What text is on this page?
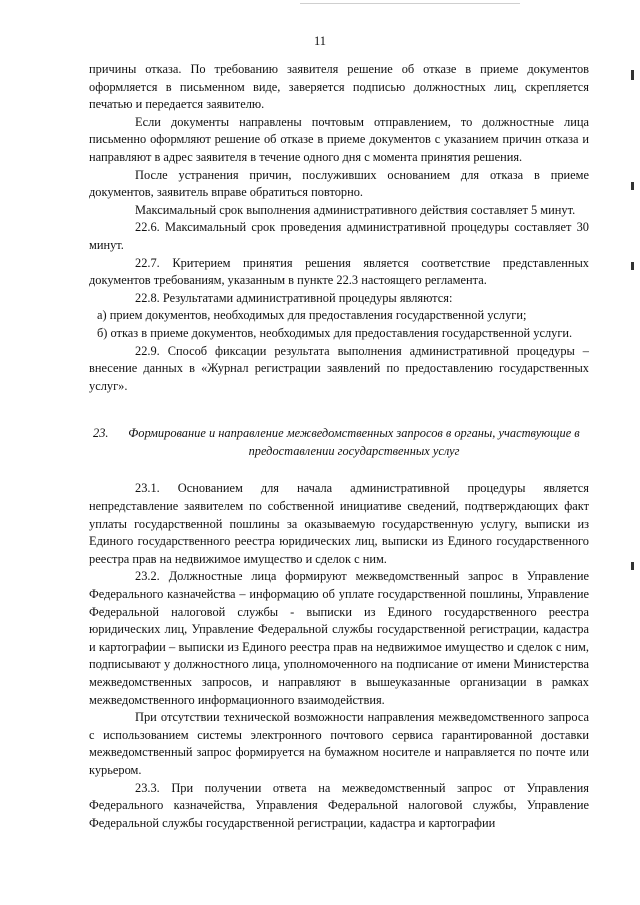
11

причины отказа. По требованию заявителя решение об отказе в приеме документов оформляется в письменном виде, заверяется подписью должностных лиц, скрепляется печатью и передается заявителю.

Если документы направлены почтовым отправлением, то должностные лица письменно оформляют решение об отказе в приеме документов с указанием причин отказа и направляют в адрес заявителя в течение одного дня с момента принятия решения.

После устранения причин, послуживших основанием для отказа в приеме документов, заявитель вправе обратиться повторно.

Максимальный срок выполнения административного действия составляет 5 минут.

22.6. Максимальный срок проведения административной процедуры составляет 30 минут.

22.7. Критерием принятия решения является соответствие представленных документов требованиям, указанным в пункте 22.3 настоящего регламента.

22.8. Результатами административной процедуры являются:

а) прием документов, необходимых для предоставления государственной услуги;

б) отказ в приеме документов, необходимых для предоставления государственной услуги.

22.9. Способ фиксации результата выполнения административной процедуры – внесение данных в «Журнал регистрации заявлений по предоставлению государственных услуг».

23.	Формирование и направление межведомственных запросов в органы, участвующие в предоставлении государственных услуг

23.1. Основанием для начала административной процедуры является непредставление заявителем по собственной инициативе сведений, подтверждающих факт уплаты государственной пошлины за оказываемую государственную услугу, выписки из Единого государственного реестра юридических лиц, выписки из Единого государственного реестра прав на недвижимое имущество и сделок с ним.

23.2. Должностные лица формируют межведомственный запрос в Управление Федерального казначейства – информацию об уплате государственной пошлины, Управление Федеральной налоговой службы - выписки из Единого государственного реестра юридических лиц, Управление Федеральной службы государственной регистрации, кадастра и картографии – выписки из Единого реестра прав на недвижимое имущество и сделок с ним, подписывают у должностного лица, уполномоченного на подписание от имени Министерства межведомственных запросов, и направляют в вышеуказанные организации в рамках межведомственного информационного взаимодействия.

При отсутствии технической возможности направления межведомственного запроса с использованием системы электронного почтового сервиса гарантированной доставки межведомственный запрос формируется на бумажном носителе и направляется по почте или курьером.

23.3. При получении ответа на межведомственный запрос от Управления Федерального казначейства, Управления Федеральной налоговой службы, Управление Федеральной службы государственной регистрации, кадастра и картографии
